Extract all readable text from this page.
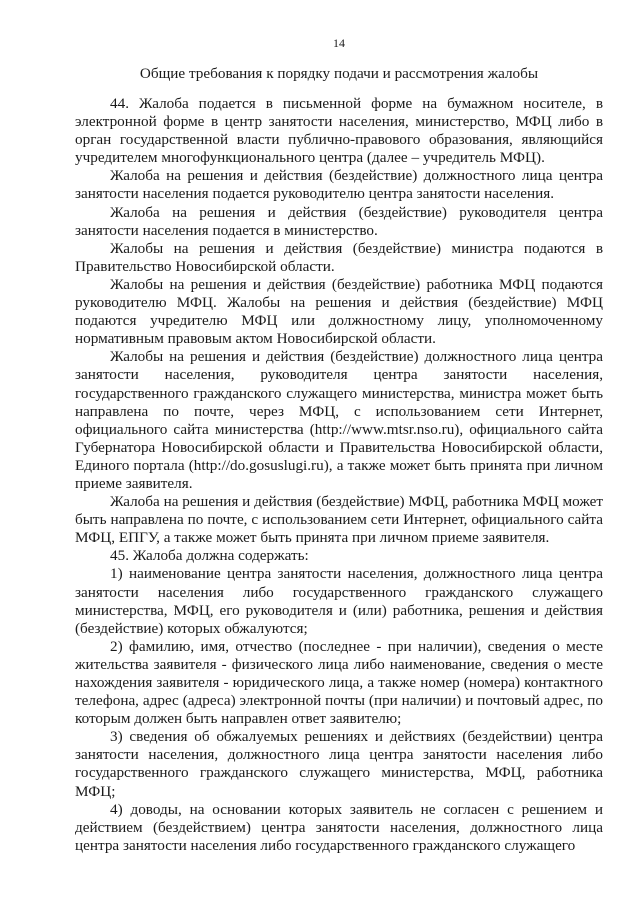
14
Общие требования к порядку подачи и рассмотрения жалобы

44. Жалоба подается в письменной форме на бумажном носителе, в электронной форме в центр занятости населения, министерство, МФЦ либо в орган государственной власти публично-правового образования, являющийся учредителем многофункционального центра (далее – учредитель МФЦ).

Жалоба на решения и действия (бездействие) должностного лица центра занятости населения подается руководителю центра занятости населения.

Жалоба на решения и действия (бездействие) руководителя центра занятости населения подается в министерство.

Жалобы на решения и действия (бездействие) министра подаются в Правительство Новосибирской области.

Жалобы на решения и действия (бездействие) работника МФЦ подаются руководителю МФЦ. Жалобы на решения и действия (бездействие) МФЦ подаются учредителю МФЦ или должностному лицу, уполномоченному нормативным правовым актом Новосибирской области.

Жалобы на решения и действия (бездействие) должностного лица центра занятости населения, руководителя центра занятости населения, государственного гражданского служащего министерства, министра может быть направлена по почте, через МФЦ, с использованием сети Интернет, официального сайта министерства (http://www.mtsr.nso.ru), официального сайта Губернатора Новосибирской области и Правительства Новосибирской области, Единого портала (http://do.gosuslugi.ru), а также может быть принята при личном приеме заявителя.

Жалоба на решения и действия (бездействие) МФЦ, работника МФЦ может быть направлена по почте, с использованием сети Интернет, официального сайта МФЦ, ЕПГУ, а также может быть принята при личном приеме заявителя.

45. Жалоба должна содержать:

1) наименование центра занятости населения, должностного лица центра занятости населения либо государственного гражданского служащего министерства, МФЦ, его руководителя и (или) работника, решения и действия (бездействие) которых обжалуются;

2) фамилию, имя, отчество (последнее - при наличии), сведения о месте жительства заявителя - физического лица либо наименование, сведения о месте нахождения заявителя - юридического лица, а также номер (номера) контактного телефона, адрес (адреса) электронной почты (при наличии) и почтовый адрес, по которым должен быть направлен ответ заявителю;

3) сведения об обжалуемых решениях и действиях (бездействии) центра занятости населения, должностного лица центра занятости населения либо государственного гражданского служащего министерства, МФЦ, работника МФЦ;

4) доводы, на основании которых заявитель не согласен с решением и действием (бездействием) центра занятости населения, должностного лица центра занятости населения либо государственного гражданского служащего
